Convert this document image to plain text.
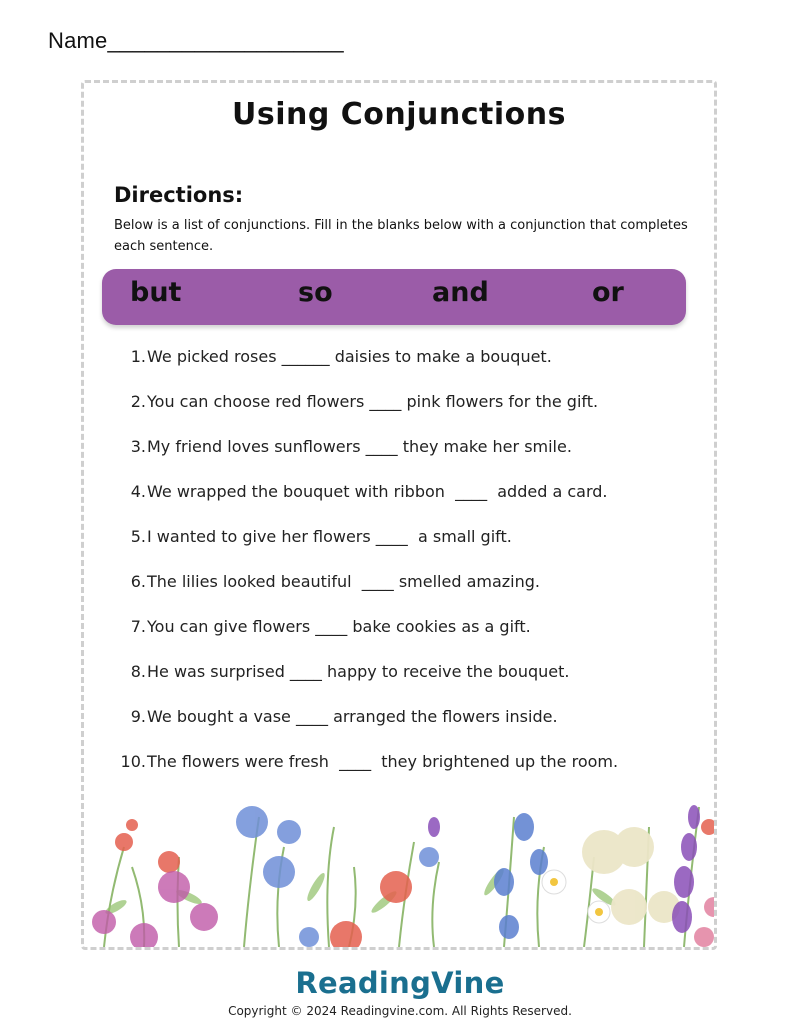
Name___________________
Using Conjunctions
Directions:
Below is a list of conjunctions. Fill in the blanks below with a conjunction that completes each sentence.
but	so	and	or
1. We picked roses ______ daisies to make a bouquet.
2. You can choose red flowers ____ pink flowers for the gift.
3. My friend loves sunflowers ____ they make her smile.
4. We wrapped the bouquet with ribbon  ____  added a card.
5. I wanted to give her flowers ____  a small gift.
6. The lilies looked beautiful  ____ smelled amazing.
7. You can give flowers ____ bake cookies as a gift.
8. He was surprised ____ happy to receive the bouquet.
9. We bought a vase ____ arranged the flowers inside.
10. The flowers were fresh  ____  they brightened up the room.
ReadingVine
Copyright © 2024 Readingvine.com. All Rights Reserved.
